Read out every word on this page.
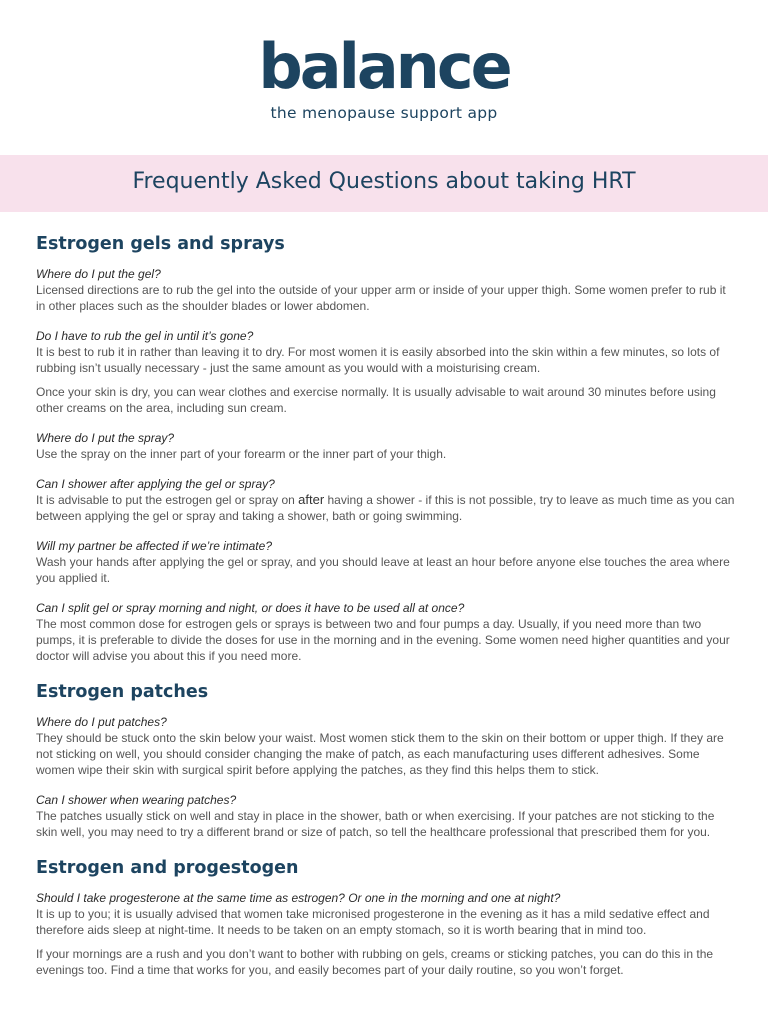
balance
the menopause support app
Frequently Asked Questions about taking HRT
Estrogen gels and sprays
Where do I put the gel?

Licensed directions are to rub the gel into the outside of your upper arm or inside of your upper thigh. Some women prefer to rub it in other places such as the shoulder blades or lower abdomen.

Do I have to rub the gel in until it’s gone?

It is best to rub it in rather than leaving it to dry. For most women it is easily absorbed into the skin within a few minutes, so lots of rubbing isn’t usually necessary - just the same amount as you would with a moisturising cream.

Once your skin is dry, you can wear clothes and exercise normally. It is usually advisable to wait around 30 minutes before using other creams on the area, including sun cream.

Where do I put the spray?

Use the spray on the inner part of your forearm or the inner part of your thigh.

Can I shower after applying the gel or spray?

It is advisable to put the estrogen gel or spray on after having a shower - if this is not possible, try to leave as much time as you can between applying the gel or spray and taking a shower, bath or going swimming.

Will my partner be affected if we’re intimate?

Wash your hands after applying the gel or spray, and you should leave at least an hour before anyone else touches the area where you applied it.

Can I split gel or spray morning and night, or does it have to be used all at once?

The most common dose for estrogen gels or sprays is between two and four pumps a day. Usually, if you need more than two pumps, it is preferable to divide the doses for use in the morning and in the evening. Some women need higher quantities and your doctor will advise you about this if you need more.

Estrogen patches
Where do I put patches?

They should be stuck onto the skin below your waist. Most women stick them to the skin on their bottom or upper thigh. If they are not sticking on well, you should consider changing the make of patch, as each manufacturing uses different adhesives. Some women wipe their skin with surgical spirit before applying the patches, as they find this helps them to stick.

Can I shower when wearing patches?

The patches usually stick on well and stay in place in the shower, bath or when exercising. If your patches are not sticking to the skin well, you may need to try a different brand or size of patch, so tell the healthcare professional that prescribed them for you.

Estrogen and progestogen
Should I take progesterone at the same time as estrogen? Or one in the morning and one at night?

It is up to you; it is usually advised that women take micronised progesterone in the evening as it has a mild sedative effect and therefore aids sleep at night-time. It needs to be taken on an empty stomach, so it is worth bearing that in mind too.

If your mornings are a rush and you don’t want to bother with rubbing on gels, creams or sticking patches, you can do this in the evenings too. Find a time that works for you, and easily becomes part of your daily routine, so you won’t forget.
